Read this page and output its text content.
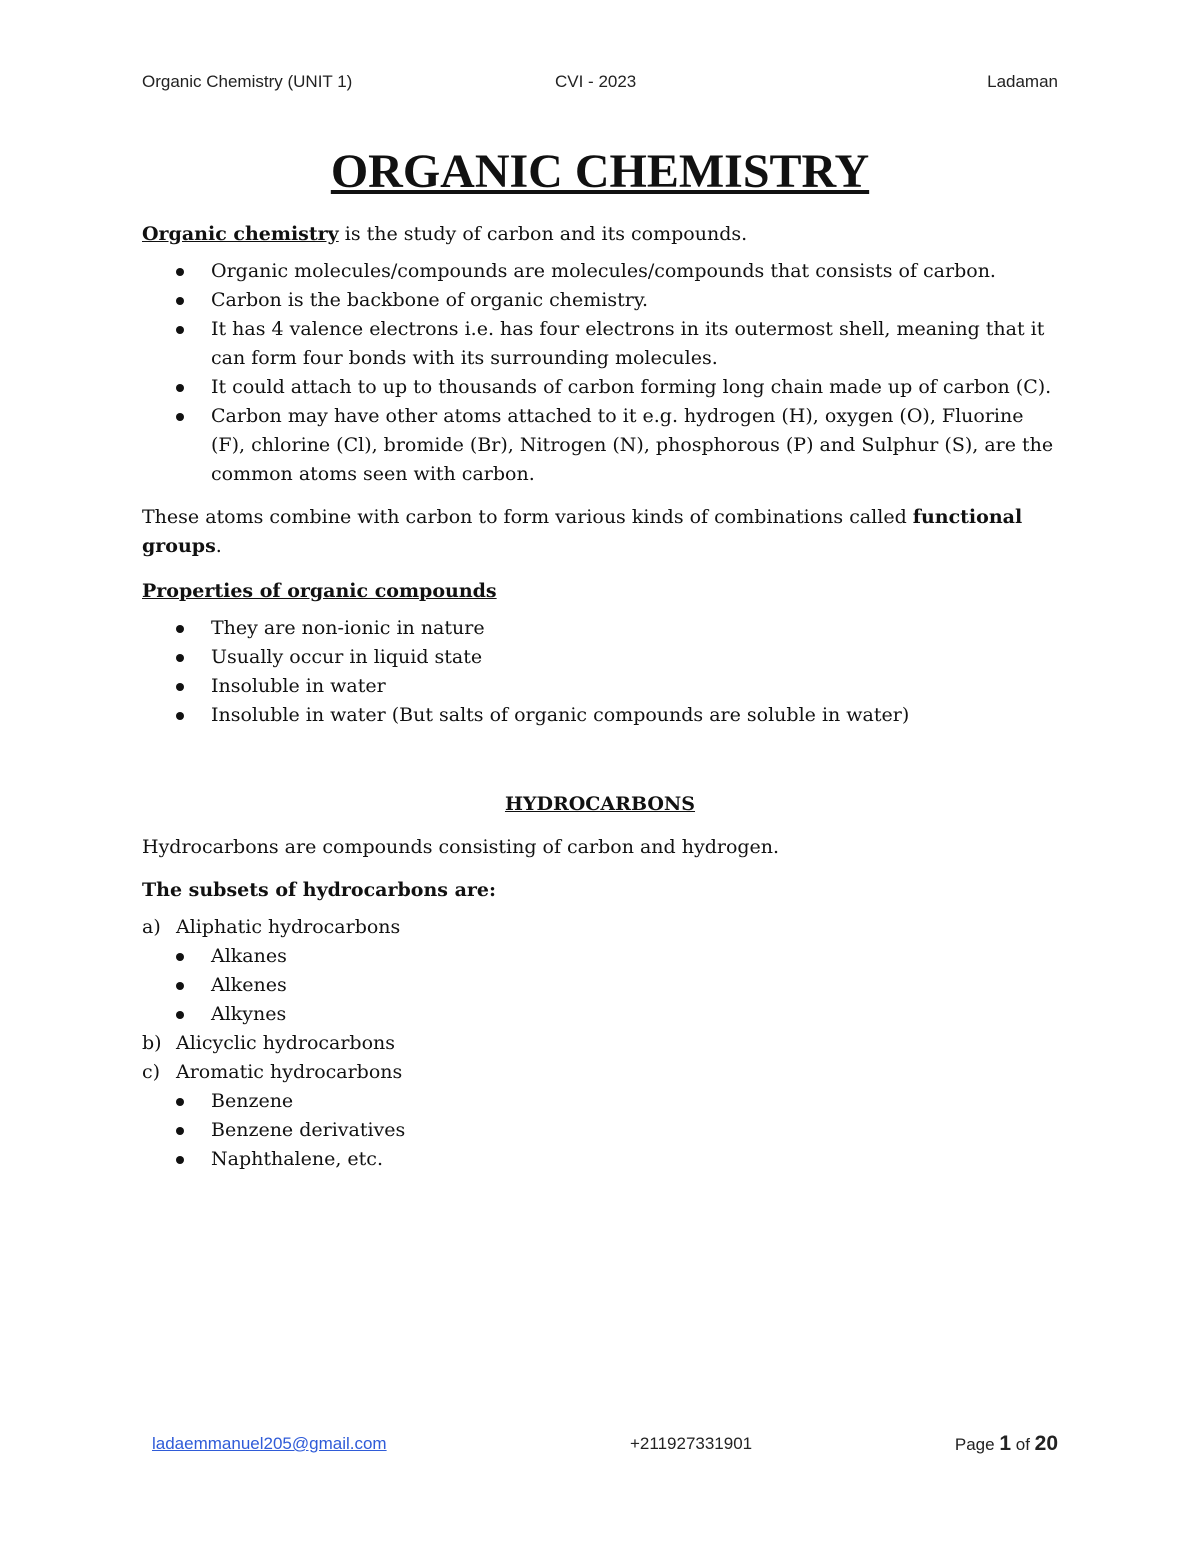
Organic Chemistry (UNIT 1)	CVI - 2023	Ladaman
ORGANIC CHEMISTRY

Organic chemistry is the study of carbon and its compounds.

Organic molecules/compounds are molecules/compounds that consists of carbon.
Carbon is the backbone of organic chemistry.
It has 4 valence electrons i.e. has four electrons in its outermost shell, meaning that it can form four bonds with its surrounding molecules.
It could attach to up to thousands of carbon forming long chain made up of carbon (C).
Carbon may have other atoms attached to it e.g. hydrogen (H), oxygen (O), Fluorine (F), chlorine (Cl), bromide (Br), Nitrogen (N), phosphorous (P) and Sulphur (S), are the common atoms seen with carbon.

These atoms combine with carbon to form various kinds of combinations called functional groups.

Properties of organic compounds

They are non-ionic in nature
Usually occur in liquid state
Insoluble in water
Insoluble in water (But salts of organic compounds are soluble in water)

HYDROCARBONS

Hydrocarbons are compounds consisting of carbon and hydrogen.

The subsets of hydrocarbons are:

a) Aliphatic hydrocarbons
Alkanes
Alkenes
Alkynes
b) Alicyclic hydrocarbons
c) Aromatic hydrocarbons
Benzene
Benzene derivatives
Naphthalene, etc.
ladaemmanuel205@gmail.com	+211927331901	Page 1 of 20
